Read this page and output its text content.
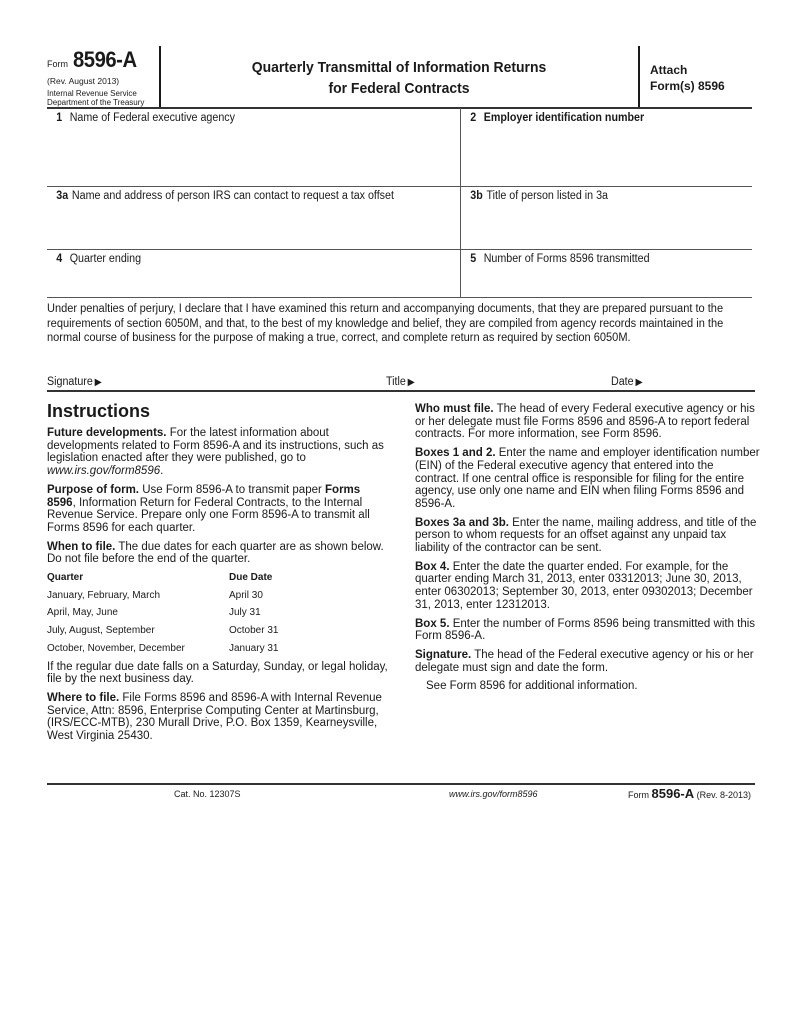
Form 8596-A
(Rev. August 2013)
Internal Revenue Service
Department of the Treasury
Quarterly Transmittal of Information Returns
for Federal Contracts
Attach
Form(s) 8596
1 Name of Federal executive agency	2 Employer identification number
3a Name and address of person IRS can contact to request a tax offset	3b Title of person listed in 3a
4 Quarter ending	5 Number of Forms 8596 transmitted
Under penalties of perjury, I declare that I have examined this return and accompanying documents, that they are prepared pursuant to the requirements of section 6050M, and that, to the best of my knowledge and belief, they are compiled from agency records maintained in the normal course of business for the purpose of making a true, correct, and complete return as required by section 6050M.
Signature ▶	Title ▶	Date ▶
Instructions

Future developments. For the latest information about developments related to Form 8596-A and its instructions, such as legislation enacted after they were published, go to www.irs.gov/form8596.

Purpose of form. Use Form 8596-A to transmit paper Forms 8596, Information Return for Federal Contracts, to the Internal Revenue Service. Prepare only one Form 8596-A to transmit all Forms 8596 for each quarter.

When to file. The due dates for each quarter are as shown below. Do not file before the end of the quarter.

Quarter	Due Date
January, February, March	April 30
April, May, June	July 31
July, August, September	October 31
October, November, December	January 31

If the regular due date falls on a Saturday, Sunday, or legal holiday, file by the next business day.

Where to file. File Forms 8596 and 8596-A with Internal Revenue Service, Attn: 8596, Enterprise Computing Center at Martinsburg, (IRS/ECC-MTB), 230 Murall Drive, P.O. Box 1359, Kearneysville, West Virginia 25430.

Who must file. The head of every Federal executive agency or his or her delegate must file Forms 8596 and 8596-A to report federal contracts. For more information, see Form 8596.

Boxes 1 and 2. Enter the name and employer identification number (EIN) of the Federal executive agency that entered into the contract. If one central office is responsible for filing for the entire agency, use only one name and EIN when filing Forms 8596 and 8596-A.

Boxes 3a and 3b. Enter the name, mailing address, and title of the person to whom requests for an offset against any unpaid tax liability of the contractor can be sent.

Box 4. Enter the date the quarter ended. For example, for the quarter ending March 31, 2013, enter 03312013; June 30, 2013, enter 06302013; September 30, 2013, enter 09302013; December 31, 2013, enter 12312013.

Box 5. Enter the number of Forms 8596 being transmitted with this Form 8596-A.

Signature. The head of the Federal executive agency or his or her delegate must sign and date the form.

See Form 8596 for additional information.

Cat. No. 12307S	www.irs.gov/form8596	Form 8596-A (Rev. 8-2013)
